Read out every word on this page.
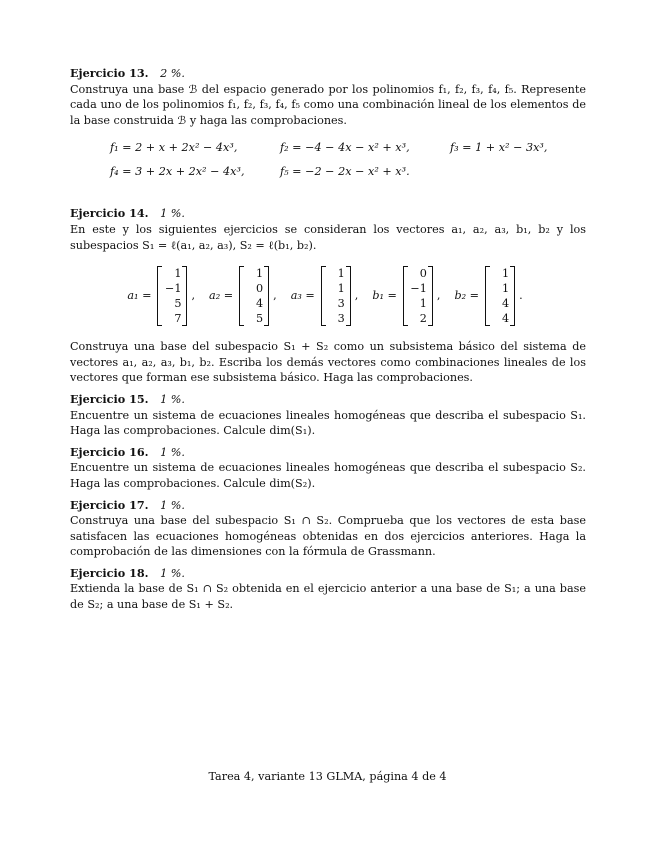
Ejercicio 13. 2 %.
Construya una base ℬ del espacio generado por los polinomios f₁, f₂, f₃, f₄, f₅. Represente cada uno de los polinomios f₁, f₂, f₃, f₄, f₅ como una combinación lineal de los elementos de la base construida ℬ y haga las comprobaciones.
f₁ = 2 + x + 2x² − 4x³,	f₂ = −4 − 4x − x² + x³,	f₃ = 1 + x² − 3x³,
f₄ = 3 + 2x + 2x² − 4x³,	f₅ = −2 − 2x − x² + x³.
Ejercicio 14. 1 %.
En este y los siguientes ejercicios se consideran los vectores a₁, a₂, a₃, b₁, b₂ y los subespacios S₁ = ℓ(a₁, a₂, a₃), S₂ = ℓ(b₁, b₂).
a₁ =
1
−1
5
7
, a₂ =
1
0
4
5
, a₃ =
1
1
3
3
, b₁ =
0
−1
1
2
, b₂ =
1
1
4
4
.
Construya una base del subespacio S₁ + S₂ como un subsistema básico del sistema de vectores a₁, a₂, a₃, b₁, b₂. Escriba los demás vectores como combinaciones lineales de los vectores que forman ese subsistema básico. Haga las comprobaciones.
Ejercicio 15. 1 %.
Encuentre un sistema de ecuaciones lineales homogéneas que describa el subespacio S₁. Haga las comprobaciones. Calcule dim(S₁).
Ejercicio 16. 1 %.
Encuentre un sistema de ecuaciones lineales homogéneas que describa el subespacio S₂. Haga las comprobaciones. Calcule dim(S₂).
Ejercicio 17. 1 %.
Construya una base del subespacio S₁ ∩ S₂. Comprueba que los vectores de esta base satisfacen las ecuaciones homogéneas obtenidas en dos ejercicios anteriores. Haga la comprobación de las dimensiones con la fórmula de Grassmann.
Ejercicio 18. 1 %.
Extienda la base de S₁ ∩ S₂ obtenida en el ejercicio anterior a una base de S₁; a una base de S₂; a una base de S₁ + S₂.
Tarea 4, variante 13 GLMA, página 4 de 4
